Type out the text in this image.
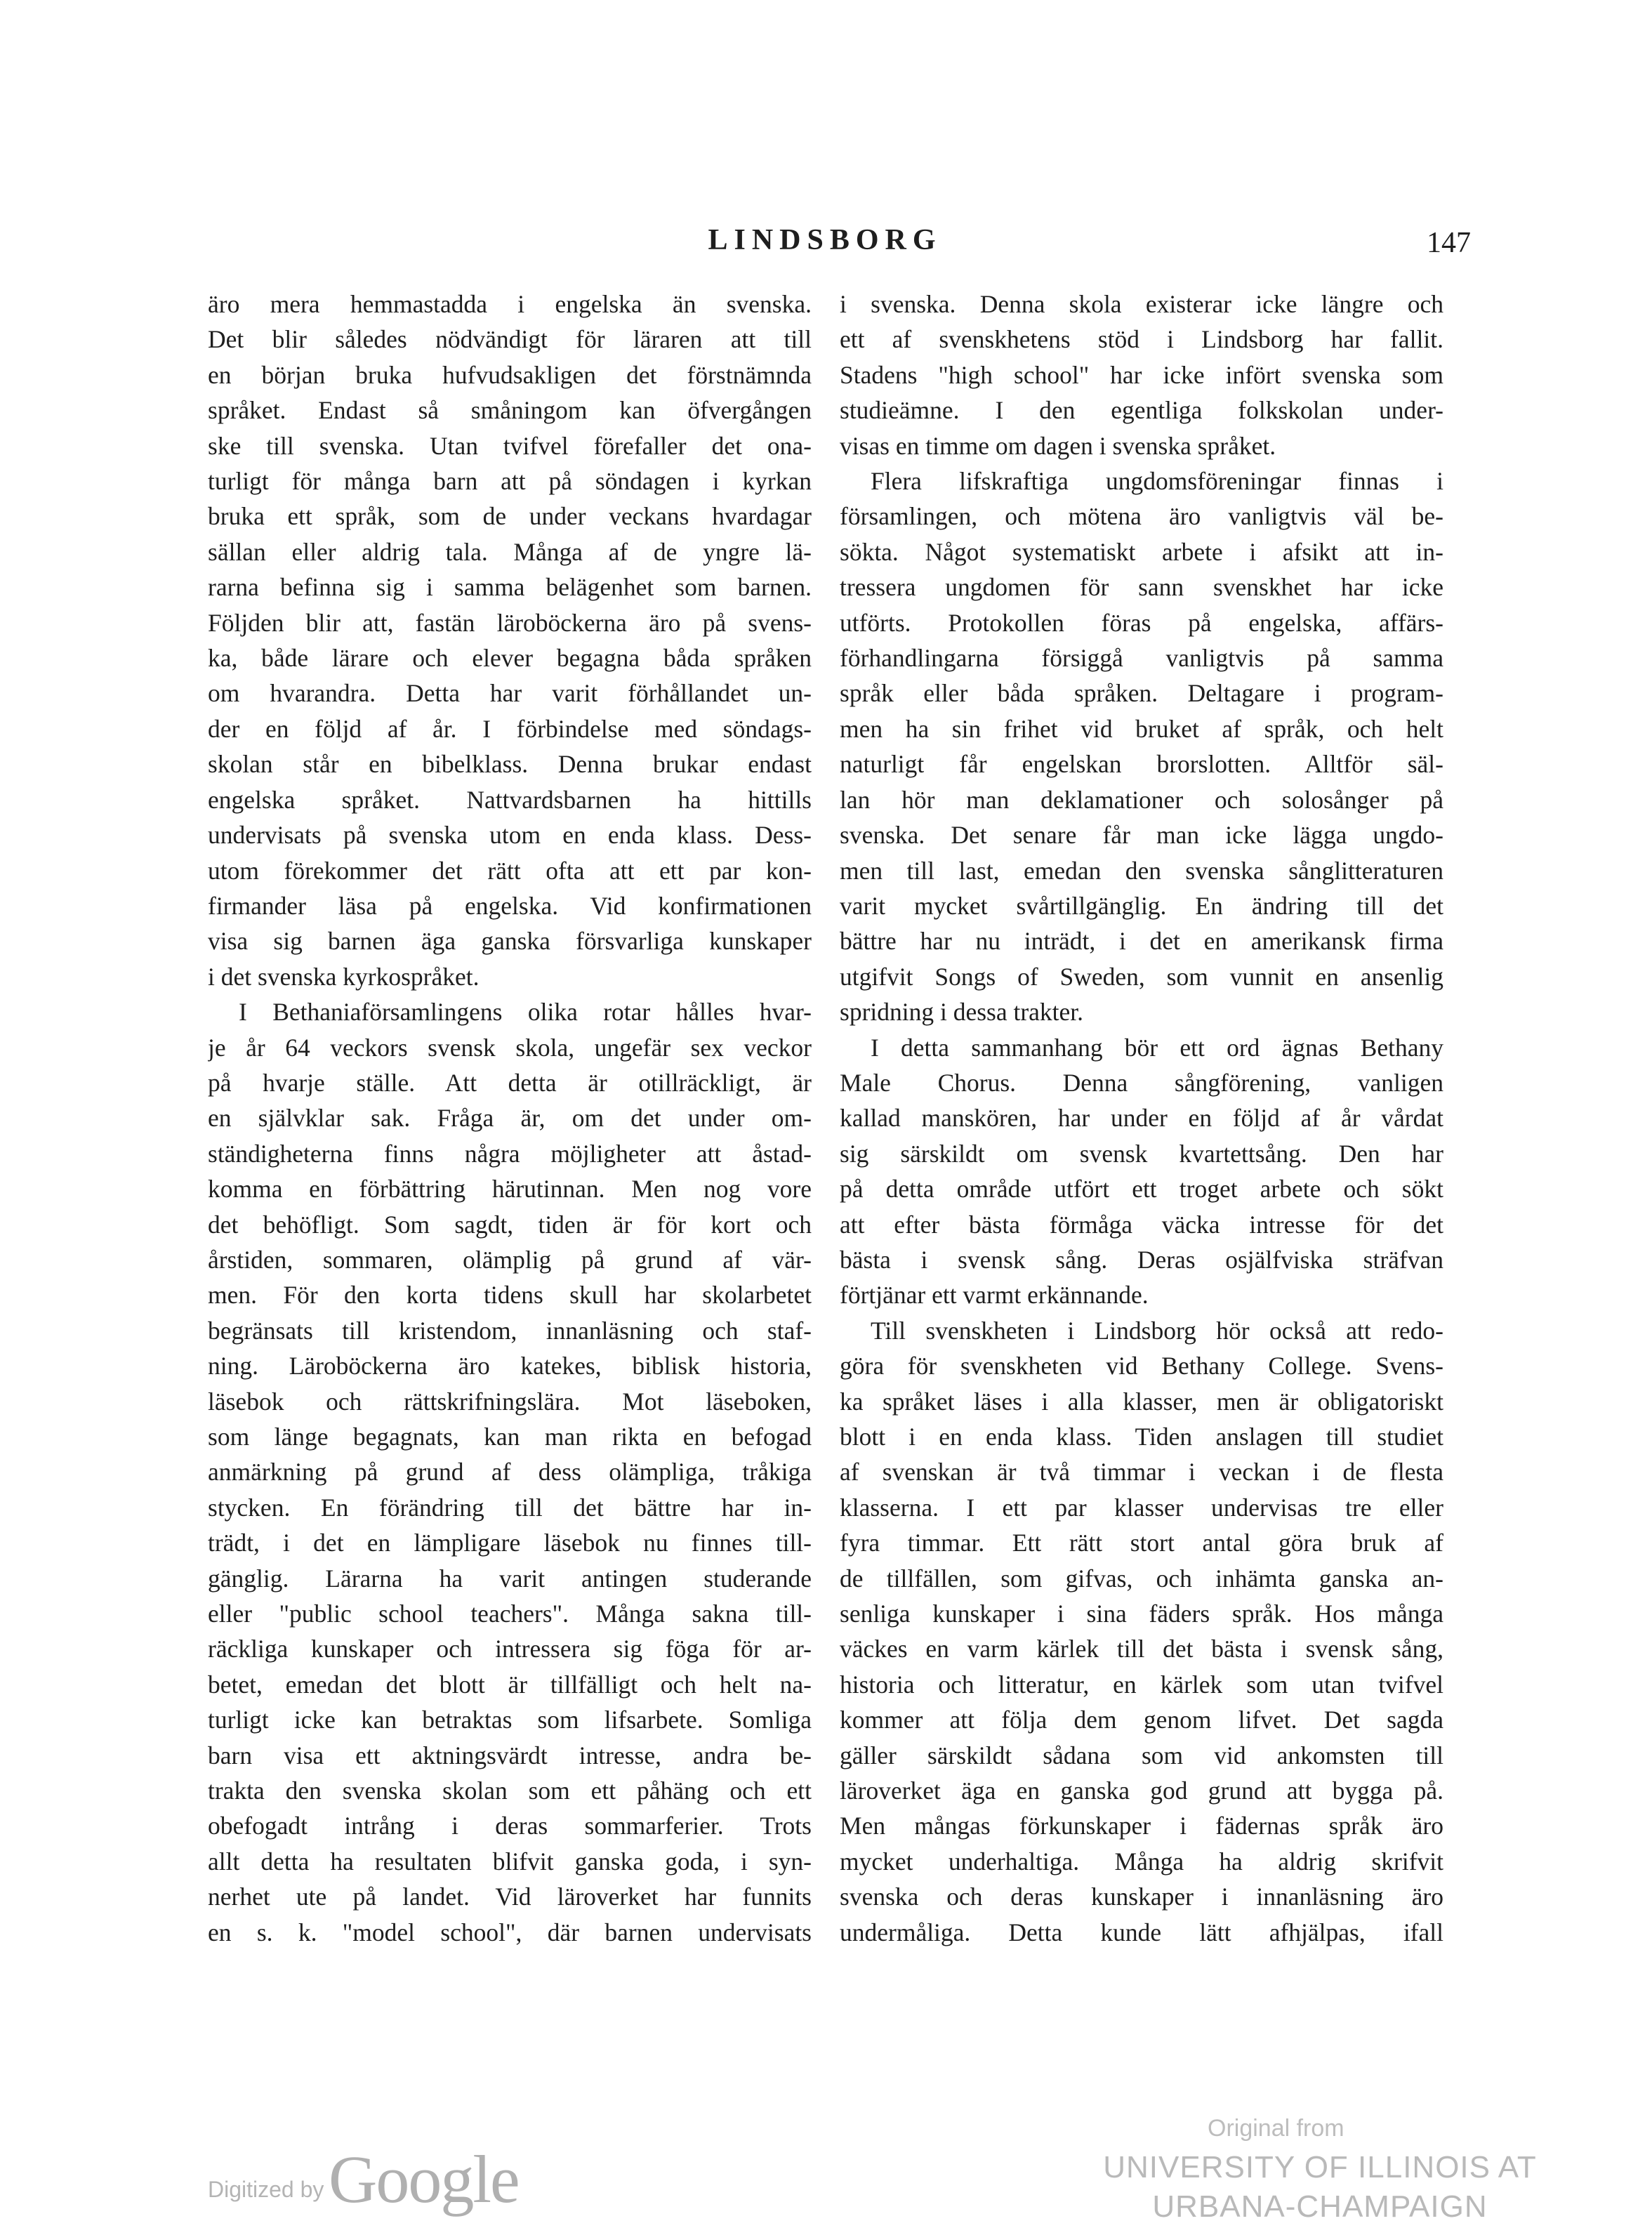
LINDSBORG	147
äro mera hemmastadda i engelska än svenska.
Det blir således nödvändigt för läraren att till
en början bruka hufvudsakligen det förstnämnda
språket. Endast så småningom kan öfvergången
ske till svenska. Utan tvifvel förefaller det ona-
turligt för många barn att på söndagen i kyrkan
bruka ett språk, som de under veckans hvardagar
sällan eller aldrig tala. Många af de yngre lä-
rarna befinna sig i samma belägenhet som barnen.
Följden blir att, fastän läroböckerna äro på svens-
ka, både lärare och elever begagna båda språken
om hvarandra. Detta har varit förhållandet un-
der en följd af år. I förbindelse med söndags-
skolan står en bibelklass. Denna brukar endast
engelska språket. Nattvardsbarnen ha hittills
undervisats på svenska utom en enda klass. Dess-
utom förekommer det rätt ofta att ett par kon-
firmander läsa på engelska. Vid konfirmationen
visa sig barnen äga ganska försvarliga kunskaper
i det svenska kyrkospråket.
I Bethaniaförsamlingens olika rotar hålles hvar-
je år 64 veckors svensk skola, ungefär sex veckor
på hvarje ställe. Att detta är otillräckligt, är
en självklar sak. Fråga är, om det under om-
ständigheterna finns några möjligheter att åstad-
komma en förbättring härutinnan. Men nog vore
det behöfligt. Som sagdt, tiden är för kort och
årstiden, sommaren, olämplig på grund af vär-
men. För den korta tidens skull har skolarbetet
begränsats till kristendom, innanläsning och staf-
ning. Läroböckerna äro katekes, biblisk historia,
läsebok och rättskrifningslära. Mot läseboken,
som länge begagnats, kan man rikta en befogad
anmärkning på grund af dess olämpliga, tråkiga
stycken. En förändring till det bättre har in-
trädt, i det en lämpligare läsebok nu finnes till-
gänglig. Lärarna ha varit antingen studerande
eller "public school teachers". Många sakna till-
räckliga kunskaper och intressera sig föga för ar-
betet, emedan det blott är tillfälligt och helt na-
turligt icke kan betraktas som lifsarbete. Somliga
barn visa ett aktningsvärdt intresse, andra be-
trakta den svenska skolan som ett påhäng och ett
obefogadt intrång i deras sommarferier. Trots
allt detta ha resultaten blifvit ganska goda, i syn-
nerhet ute på landet. Vid läroverket har funnits
en s. k. "model school", där barnen undervisats
i svenska. Denna skola existerar icke längre och
ett af svenskhetens stöd i Lindsborg har fallit.
Stadens "high school" har icke infört svenska som
studieämne. I den egentliga folkskolan under-
visas en timme om dagen i svenska språket.
Flera lifskraftiga ungdomsföreningar finnas i
församlingen, och mötena äro vanligtvis väl be-
sökta. Något systematiskt arbete i afsikt att in-
tressera ungdomen för sann svenskhet har icke
utförts. Protokollen föras på engelska, affärs-
förhandlingarna försiggå vanligtvis på samma
språk eller båda språken. Deltagare i program-
men ha sin frihet vid bruket af språk, och helt
naturligt får engelskan brorslotten. Alltför säl-
lan hör man deklamationer och solosånger på
svenska. Det senare får man icke lägga ungdo-
men till last, emedan den svenska sånglitteraturen
varit mycket svårtillgänglig. En ändring till det
bättre har nu inträdt, i det en amerikansk firma
utgifvit Songs of Sweden, som vunnit en ansenlig
spridning i dessa trakter.
I detta sammanhang bör ett ord ägnas Bethany
Male Chorus. Denna sångförening, vanligen
kallad manskören, har under en följd af år vårdat
sig särskildt om svensk kvartettsång. Den har
på detta område utfört ett troget arbete och sökt
att efter bästa förmåga väcka intresse för det
bästa i svensk sång. Deras osjälfviska sträfvan
förtjänar ett varmt erkännande.
Till svenskheten i Lindsborg hör också att redo-
göra för svenskheten vid Bethany College. Svens-
ka språket läses i alla klasser, men är obligatoriskt
blott i en enda klass. Tiden anslagen till studiet
af svenskan är två timmar i veckan i de flesta
klasserna. I ett par klasser undervisas tre eller
fyra timmar. Ett rätt stort antal göra bruk af
de tillfällen, som gifvas, och inhämta ganska an-
senliga kunskaper i sina fäders språk. Hos många
väckes en varm kärlek till det bästa i svensk sång,
historia och litteratur, en kärlek som utan tvifvel
kommer att följa dem genom lifvet. Det sagda
gäller särskildt sådana som vid ankomsten till
läroverket äga en ganska god grund att bygga på.
Men mångas förkunskaper i fädernas språk äro
mycket underhaltiga. Många ha aldrig skrifvit
svenska och deras kunskaper i innanläsning äro
undermåliga. Detta kunde lätt afhjälpas, ifall
Digitized by Google
Original from
UNIVERSITY OF ILLINOIS AT
URBANA-CHAMPAIGN
